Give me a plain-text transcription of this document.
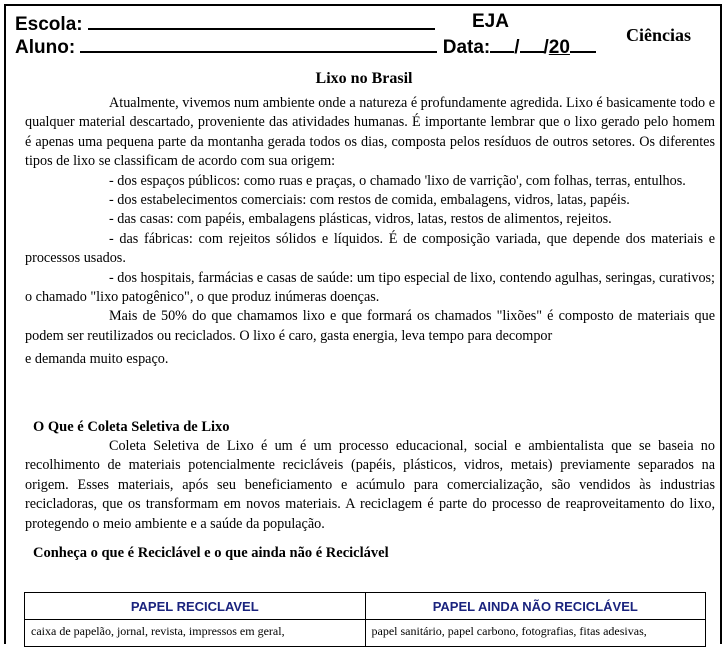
Escola:	EJA
Aluno:	Data: / /20
Ciências
Lixo no Brasil

Atualmente, vivemos num ambiente onde a natureza é profundamente agredida. Lixo é basicamente todo e qualquer material descartado, proveniente das atividades humanas. É importante lembrar que o lixo gerado pelo homem é apenas uma pequena parte da montanha gerada todos os dias, composta pelos resíduos de outros setores. Os diferentes tipos de lixo se classificam de acordo com sua origem:

- dos espaços públicos: como ruas e praças, o chamado 'lixo de varrição', com folhas, terras, entulhos.

- dos estabelecimentos comerciais: com restos de comida, embalagens, vidros, latas, papéis.

- das casas: com papéis, embalagens plásticas, vidros, latas, restos de alimentos, rejeitos.

- das fábricas: com rejeitos sólidos e líquidos. É de composição variada, que depende dos materiais e processos usados.

- dos hospitais, farmácias e casas de saúde: um tipo especial de lixo, contendo agulhas, seringas, curativos; o chamado "lixo patogênico", o que produz inúmeras doenças.

Mais de 50% do que chamamos lixo e que formará os chamados "lixões" é composto de materiais que podem ser reutilizados ou reciclados. O lixo é caro, gasta energia, leva tempo para decompor

e demanda muito espaço.

O Que é Coleta Seletiva de Lixo

Coleta Seletiva de Lixo é um é um processo educacional, social e ambientalista que se baseia no recolhimento de materiais potencialmente recicláveis (papéis, plásticos, vidros, metais) previamente separados na origem. Esses materiais, após seu beneficiamento e acúmulo para comercialização, são vendidos às industrias recicladoras, que os transformam em novos materiais. A reciclagem é parte do processo de reaproveitamento do lixo, protegendo o meio ambiente e a saúde da população.

Conheça o que é Reciclável e o que ainda não é Reciclável
PAPEL RECICLAVEL	PAPEL AINDA NÃO RECICLÁVEL
caixa de papelão, jornal, revista, impressos em geral,	papel sanitário, papel carbono, fotografias, fitas adesivas,
